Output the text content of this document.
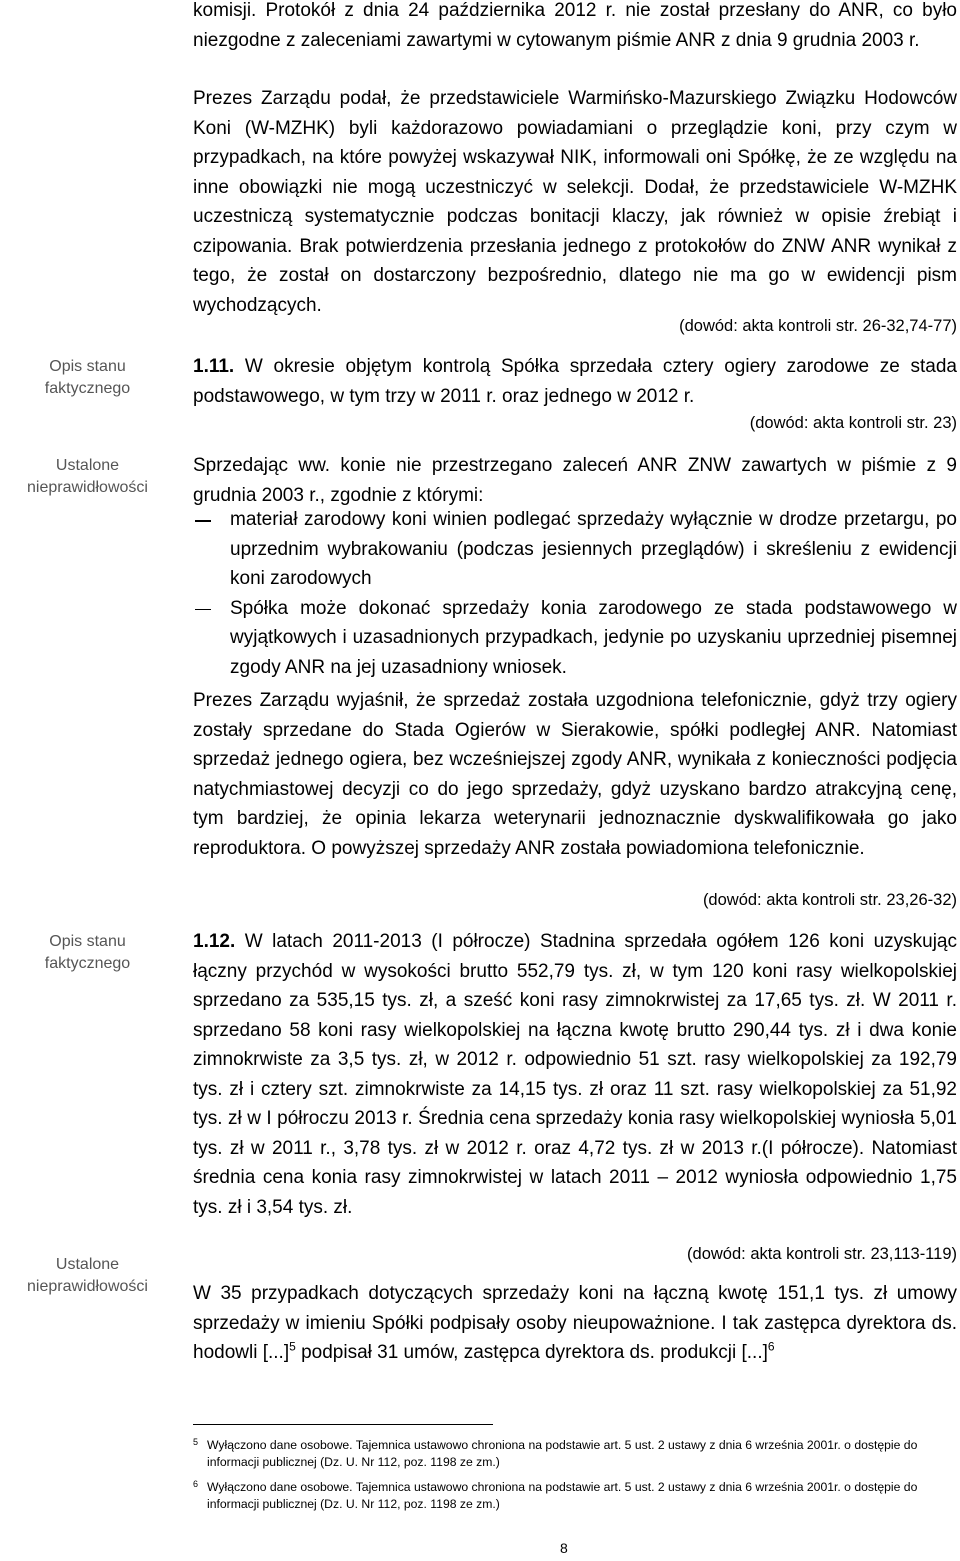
Opis stanu
faktycznego
Ustalone
nieprawidłowości
Opis stanu
faktycznego
Ustalone
nieprawidłowości

komisji. Protokół z dnia 24 października 2012 r. nie został przesłany do ANR, co było niezgodne z zaleceniami zawartymi w cytowanym piśmie ANR z dnia 9 grudnia 2003 r.

Prezes Zarządu podał, że przedstawiciele Warmińsko-Mazurskiego Związku Hodowców Koni (W-MZHK) byli każdorazowo powiadamiani o przeglądzie koni, przy czym w przypadkach, na które powyżej wskazywał NIK, informowali oni Spółkę, że ze względu na inne obowiązki nie mogą uczestniczyć w selekcji. Dodał, że przedstawiciele W-MZHK uczestniczą systematycznie podczas bonitacji klaczy, jak również w opisie źrebiąt i czipowania. Brak potwierdzenia przesłania jednego z protokołów do ZNW ANR wynikał z tego, że został on dostarczony bezpośrednio, dlatego nie ma go w ewidencji pism wychodzących.

(dowód: akta kontroli str. 26-32,74-77)

1.11. W okresie objętym kontrolą Spółka sprzedała cztery ogiery zarodowe ze stada podstawowego, w tym trzy w 2011 r. oraz jednego w 2012 r.

(dowód: akta kontroli str. 23)

Sprzedając ww. konie nie przestrzegano zaleceń ANR ZNW zawartych w piśmie z 9 grudnia 2003 r., zgodnie z którymi:

materiał zarodowy koni winien podlegać sprzedaży wyłącznie w drodze przetargu, po uprzednim wybrakowaniu (podczas jesiennych przeglądów) i skreśleniu z ewidencji koni zarodowych
Spółka może dokonać sprzedaży konia zarodowego ze stada podstawowego w wyjątkowych i uzasadnionych przypadkach, jedynie po uzyskaniu uprzedniej pisemnej zgody ANR na jej uzasadniony wniosek.

Prezes Zarządu wyjaśnił, że sprzedaż została uzgodniona telefonicznie, gdyż trzy ogiery zostały sprzedane do Stada Ogierów w Sierakowie, spółki podległej ANR. Natomiast sprzedaż jednego ogiera, bez wcześniejszej zgody ANR, wynikała z konieczności podjęcia natychmiastowej decyzji co do jego sprzedaży, gdyż uzyskano bardzo atrakcyjną cenę, tym bardziej, że opinia lekarza weterynarii jednoznacznie dyskwalifikowała go jako reproduktora. O powyższej sprzedaży ANR została powiadomiona telefonicznie.

(dowód: akta kontroli str. 23,26-32)

1.12. W latach 2011-2013 (I półrocze) Stadnina sprzedała ogółem 126 koni uzyskując łączny przychód w wysokości brutto 552,79 tys. zł, w tym 120 koni rasy wielkopolskiej sprzedano za 535,15 tys. zł, a sześć koni rasy zimnokrwistej za 17,65 tys. zł. W 2011 r. sprzedano 58 koni rasy wielkopolskiej na łączna kwotę brutto 290,44 tys. zł i dwa konie zimnokrwiste za 3,5 tys. zł, w 2012 r. odpowiednio 51 szt. rasy wielkopolskiej za 192,79 tys. zł i cztery szt. zimnokrwiste za 14,15 tys. zł oraz 11 szt. rasy wielkopolskiej za 51,92 tys. zł w I półroczu 2013 r. Średnia cena sprzedaży konia rasy wielkopolskiej wyniosła 5,01 tys. zł w 2011 r., 3,78 tys. zł w 2012 r. oraz 4,72 tys. zł w 2013 r.(I półrocze). Natomiast średnia cena konia rasy zimnokrwistej w latach 2011 – 2012 wyniosła odpowiednio 1,75 tys. zł i 3,54 tys. zł.

(dowód: akta kontroli str. 23,113-119)

W 35 przypadkach dotyczących sprzedaży koni na łączną kwotę 151,1 tys. zł umowy sprzedaży w imieniu Spółki podpisały osoby nieupoważnione. I tak zastępca dyrektora ds. hodowli [...]$^5$ podpisał 31 umów, zastępca dyrektora ds. produkcji [...]$^6$

5 Wyłączono dane osobowe. Tajemnica ustawowo chroniona na podstawie art. 5 ust. 2 ustawy z dnia 6 września 2001r. o dostępie do informacji publicznej (Dz. U. Nr 112, poz. 1198 ze zm.)
6 Wyłączono dane osobowe. Tajemnica ustawowo chroniona na podstawie art. 5 ust. 2 ustawy z dnia 6 września 2001r. o dostępie do informacji publicznej (Dz. U. Nr 112, poz. 1198 ze zm.)
8
